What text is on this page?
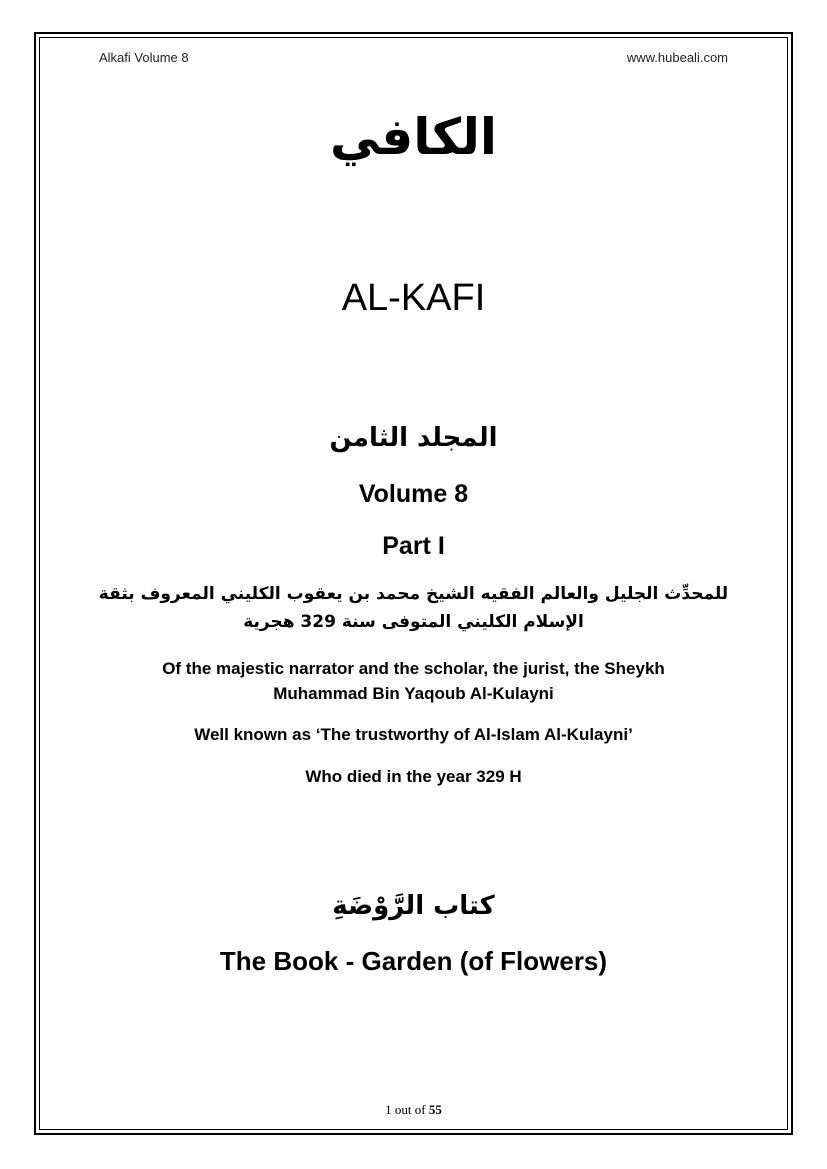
Alkafi Volume 8	www.hubeali.com
الكافي
AL-KAFI
المجلد الثامن
Volume 8
Part I
للمحدِّث الجليل والعالم الفقيه الشيخ محمد بن يعقوب الكليني المعروف بثقة
الإسلام الكليني المتوفى سنة 329 هجرية
Of the majestic narrator and the scholar, the jurist, the Sheykh
Muhammad Bin Yaqoub Al-Kulayni
Well known as ‘The trustworthy of Al-Islam Al-Kulayni’
Who died in the year 329 H
كتاب الرَّوْضَةِ
The Book - Garden (of Flowers)
1 out of 55
